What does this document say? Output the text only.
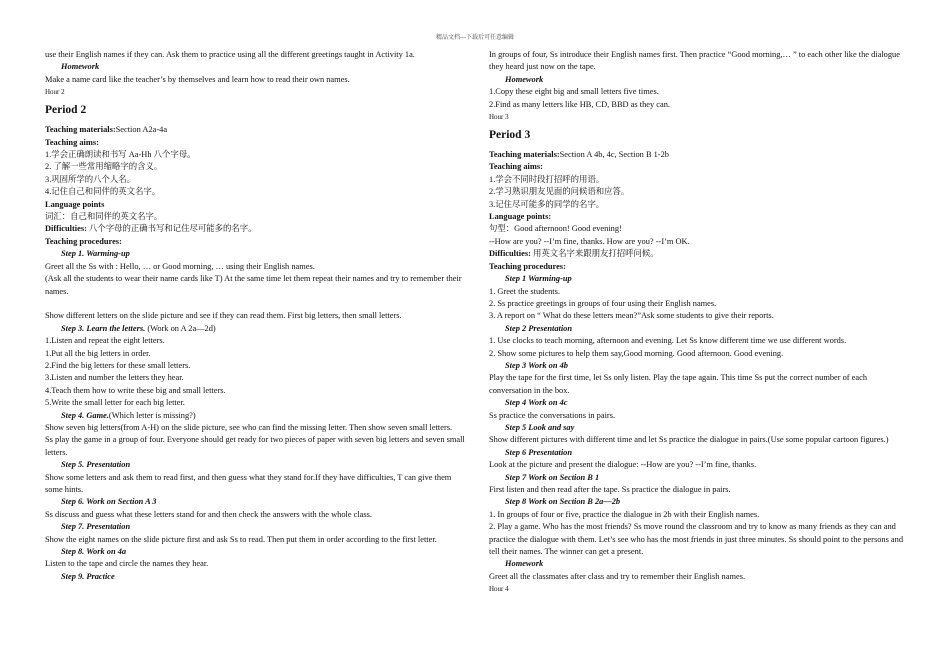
精品文档---下载后可任意编辑
use their English names if they can. Ask them to practice using all the different greetings taught in Activity 1a.
Homework
Make a name card like the teacher’s by themselves and learn how to read their own names.
Hour 2
Period 2
Teaching materials:Section A2a-4a
Teaching aims:
1.学会正确朗读和书写 Aa-Hh 八个字母。
2. 了解一些常用缩略字的含义。
3.巩固所学的八个人名。
4.记住自己和同伴的英文名字。
Language points
词汇：自己和同伴的英文名字。
Difficulties: 八个字母的正确书写和记住尽可能多的名字。
Teaching procedures:
Step 1. Warming-up
Greet all the Ss with : Hello, … or Good morning, … using their English names.
(Ask all the students to wear their name cards like T) At the same time let them repeat their names and try to remember their names.
Show different letters on the slide picture and see if they can read them. First big letters, then small letters.
Step 3. Learn the letters. (Work on A 2a—2d)
1.Listen and repeat the eight letters.
1.Put all the big letters in order.
2.Find the big letters for these small letters.
3.Listen and number the letters they hear.
4.Teach them how to write these big and small letters.
5.Write the small letter for each big letter.
Step 4. Game.(Which letter is missing?)
Show seven big letters(from A-H) on the slide picture, see who can find the missing letter. Then show seven small letters.
Ss play the game in a group of four. Everyone should get ready for two pieces of paper with seven big letters and seven small letters.
Step 5. Presentation
Show some letters and ask them to read first, and then guess what they stand for.If they have difficulties, T can give them some hints.
Step 6. Work on Section A 3
Ss discuss and guess what these letters stand for and then check the answers with the whole class.
Step 7. Presentation
Show the eight names on the slide picture first and ask Ss to read. Then put them in order according to the first letter.
Step 8. Work on 4a
Listen to the tape and circle the names they hear.
Step 9. Practice
In groups of four, Ss introduce their English names first. Then practice “Good morning,… ” to each other like the dialogue they heard just now on the tape.
Homework
1.Copy these eight big and small letters five times.
2.Find as many letters like HB, CD, BBD as they can.
Hour 3
Period 3
Teaching materials:Section A 4b, 4c, Section B 1-2b
Teaching aims:
1.学会不同时段打招呼的用语。
2.学习熟识朋友见面的问候语和应答。
3.记住尽可能多的同学的名字。
Language points:
句型：Good afternoon! Good evening!
--How are you? --I’m fine, thanks. How are you? --I’m OK.
Difficulties: 用英文名字来跟朋友打招呼问候。
Teaching procedures:
Step 1 Warming-up
1. Greet the students.
2. Ss practice greetings in groups of four using their English names.
3. A report on “ What do these letters mean?”Ask some students to give their reports.
Step 2 Presentation
1. Use clocks to teach morning, afternoon and evening. Let Ss know different time we use different words.
2. Show some pictures to help them say,Good morning. Good afternoon. Good evening.
Step 3 Work on 4b
Play the tape for the first time, let Ss only listen. Play the tape again. This time Ss put the correct number of each conversation in the box.
Step 4 Work on 4c
Ss practice the conversations in pairs.
Step 5 Look and say
Show different pictures with different time and let Ss practice the dialogue in pairs.(Use some popular cartoon figures.)
Step 6 Presentation
Look at the picture and present the dialogue: --How are you? --I’m fine, thanks.
Step 7 Work on Section B 1
First listen and then read after the tape. Ss practice the dialogue in pairs.
Step 8 Work on Section B 2a—2b
1. In groups of four or five, practice the dialogue in 2b with their English names.
2. Play a game. Who has the most friends? Ss move round the classroom and try to know as many friends as they can and practice the dialogue with them. Let’s see who has the most friends in just three minutes. Ss should point to the persons and tell their names. The winner can get a present.
Homework
Greet all the classmates after class and try to remember their English names.
Hour 4
